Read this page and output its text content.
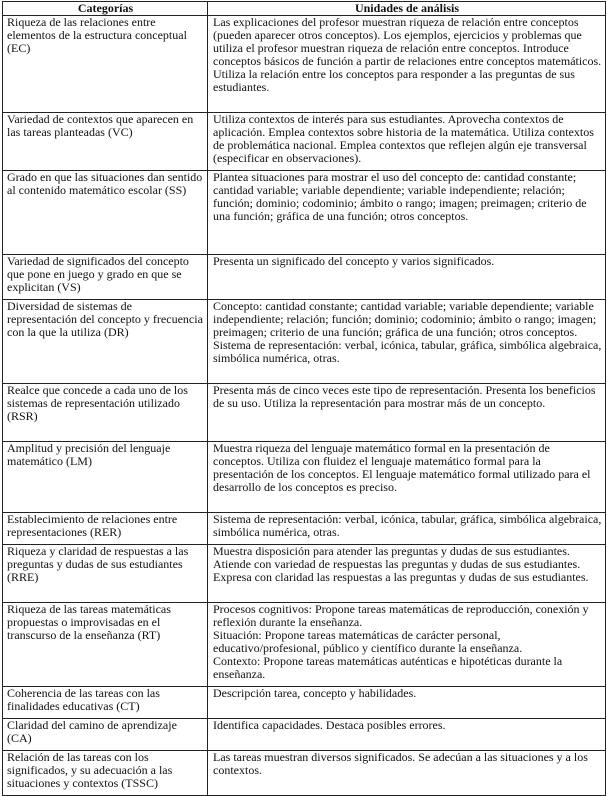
Categorías	Unidades de análisis
Riqueza de las relaciones entre elementos de la estructura conceptual (EC)	Las explicaciones del profesor muestran riqueza de relación entre conceptos (pueden aparecer otros conceptos). Los ejemplos, ejercicios y problemas que utiliza el profesor muestran riqueza de relación entre conceptos. Introduce conceptos básicos de función a partir de relaciones entre conceptos matemáticos. Utiliza la relación entre los conceptos para responder a las preguntas de sus estudiantes.

Variedad de contextos que aparecen en las tareas planteadas (VC)	Utiliza contextos de interés para sus estudiantes. Aprovecha contextos de aplicación. Emplea contextos sobre historia de la matemática. Utiliza contextos de problemática nacional. Emplea contextos que reflejen algún eje transversal (especificar en observaciones).

Grado en que las situaciones dan sentido al contenido matemático escolar (SS)	Plantea situaciones para mostrar el uso del concepto de: cantidad constante; cantidad variable; variable dependiente; variable independiente; relación; función; dominio; codominio; ámbito o rango; imagen; preimagen; criterio de una función; gráfica de una función; otros conceptos.

Variedad de significados del concepto que pone en juego y grado en que se explicitan (VS)	Presenta un significado del concepto y varios significados.

Diversidad de sistemas de representación del concepto y frecuencia con la que la utiliza (DR)	Concepto: cantidad constante; cantidad variable; variable dependiente; variable independiente; relación; función; dominio; codominio; ámbito o rango; imagen; preimagen; criterio de una función; gráfica de una función; otros conceptos. Sistema de representación: verbal, icónica, tabular, gráfica, simbólica algebraica, simbólica numérica, otras.

Realce que concede a cada uno de los sistemas de representación utilizado (RSR)	Presenta más de cinco veces este tipo de representación. Presenta los beneficios de su uso. Utiliza la representación para mostrar más de un concepto.

Amplitud y precisión del lenguaje matemático (LM)	Muestra riqueza del lenguaje matemático formal en la presentación de conceptos. Utiliza con fluidez el lenguaje matemático formal para la presentación de los conceptos. El lenguaje matemático formal utilizado para el desarrollo de los conceptos es preciso.

Establecimiento de relaciones entre representaciones (RER)	Sistema de representación: verbal, icónica, tabular, gráfica, simbólica algebraica, simbólica numérica, otras.

Riqueza y claridad de respuestas a las preguntas y dudas de sus estudiantes (RRE)	Muestra disposición para atender las preguntas y dudas de sus estudiantes. Atiende con variedad de respuestas las preguntas y dudas de sus estudiantes. Expresa con claridad las respuestas a las preguntas y dudas de sus estudiantes.

Riqueza de las tareas matemáticas propuestas o improvisadas en el transcurso de la enseñanza (RT)	Procesos cognitivos: Propone tareas matemáticas de reproducción, conexión y reflexión durante la enseñanza.

Situación: Propone tareas matemáticas de carácter personal, educativo/profesional, público y científico durante la enseñanza.

Contexto: Propone tareas matemáticas auténticas e hipotéticas durante la enseñanza.

Coherencia de las tareas con las finalidades educativas (CT)	Descripción tarea, concepto y habilidades.

Claridad del camino de aprendizaje (CA)	Identifica capacidades. Destaca posibles errores.

Relación de las tareas con los significados, y su adecuación a las situaciones y contextos (TSSC)	Las tareas muestran diversos significados. Se adecúan a las situaciones y a los contextos.
